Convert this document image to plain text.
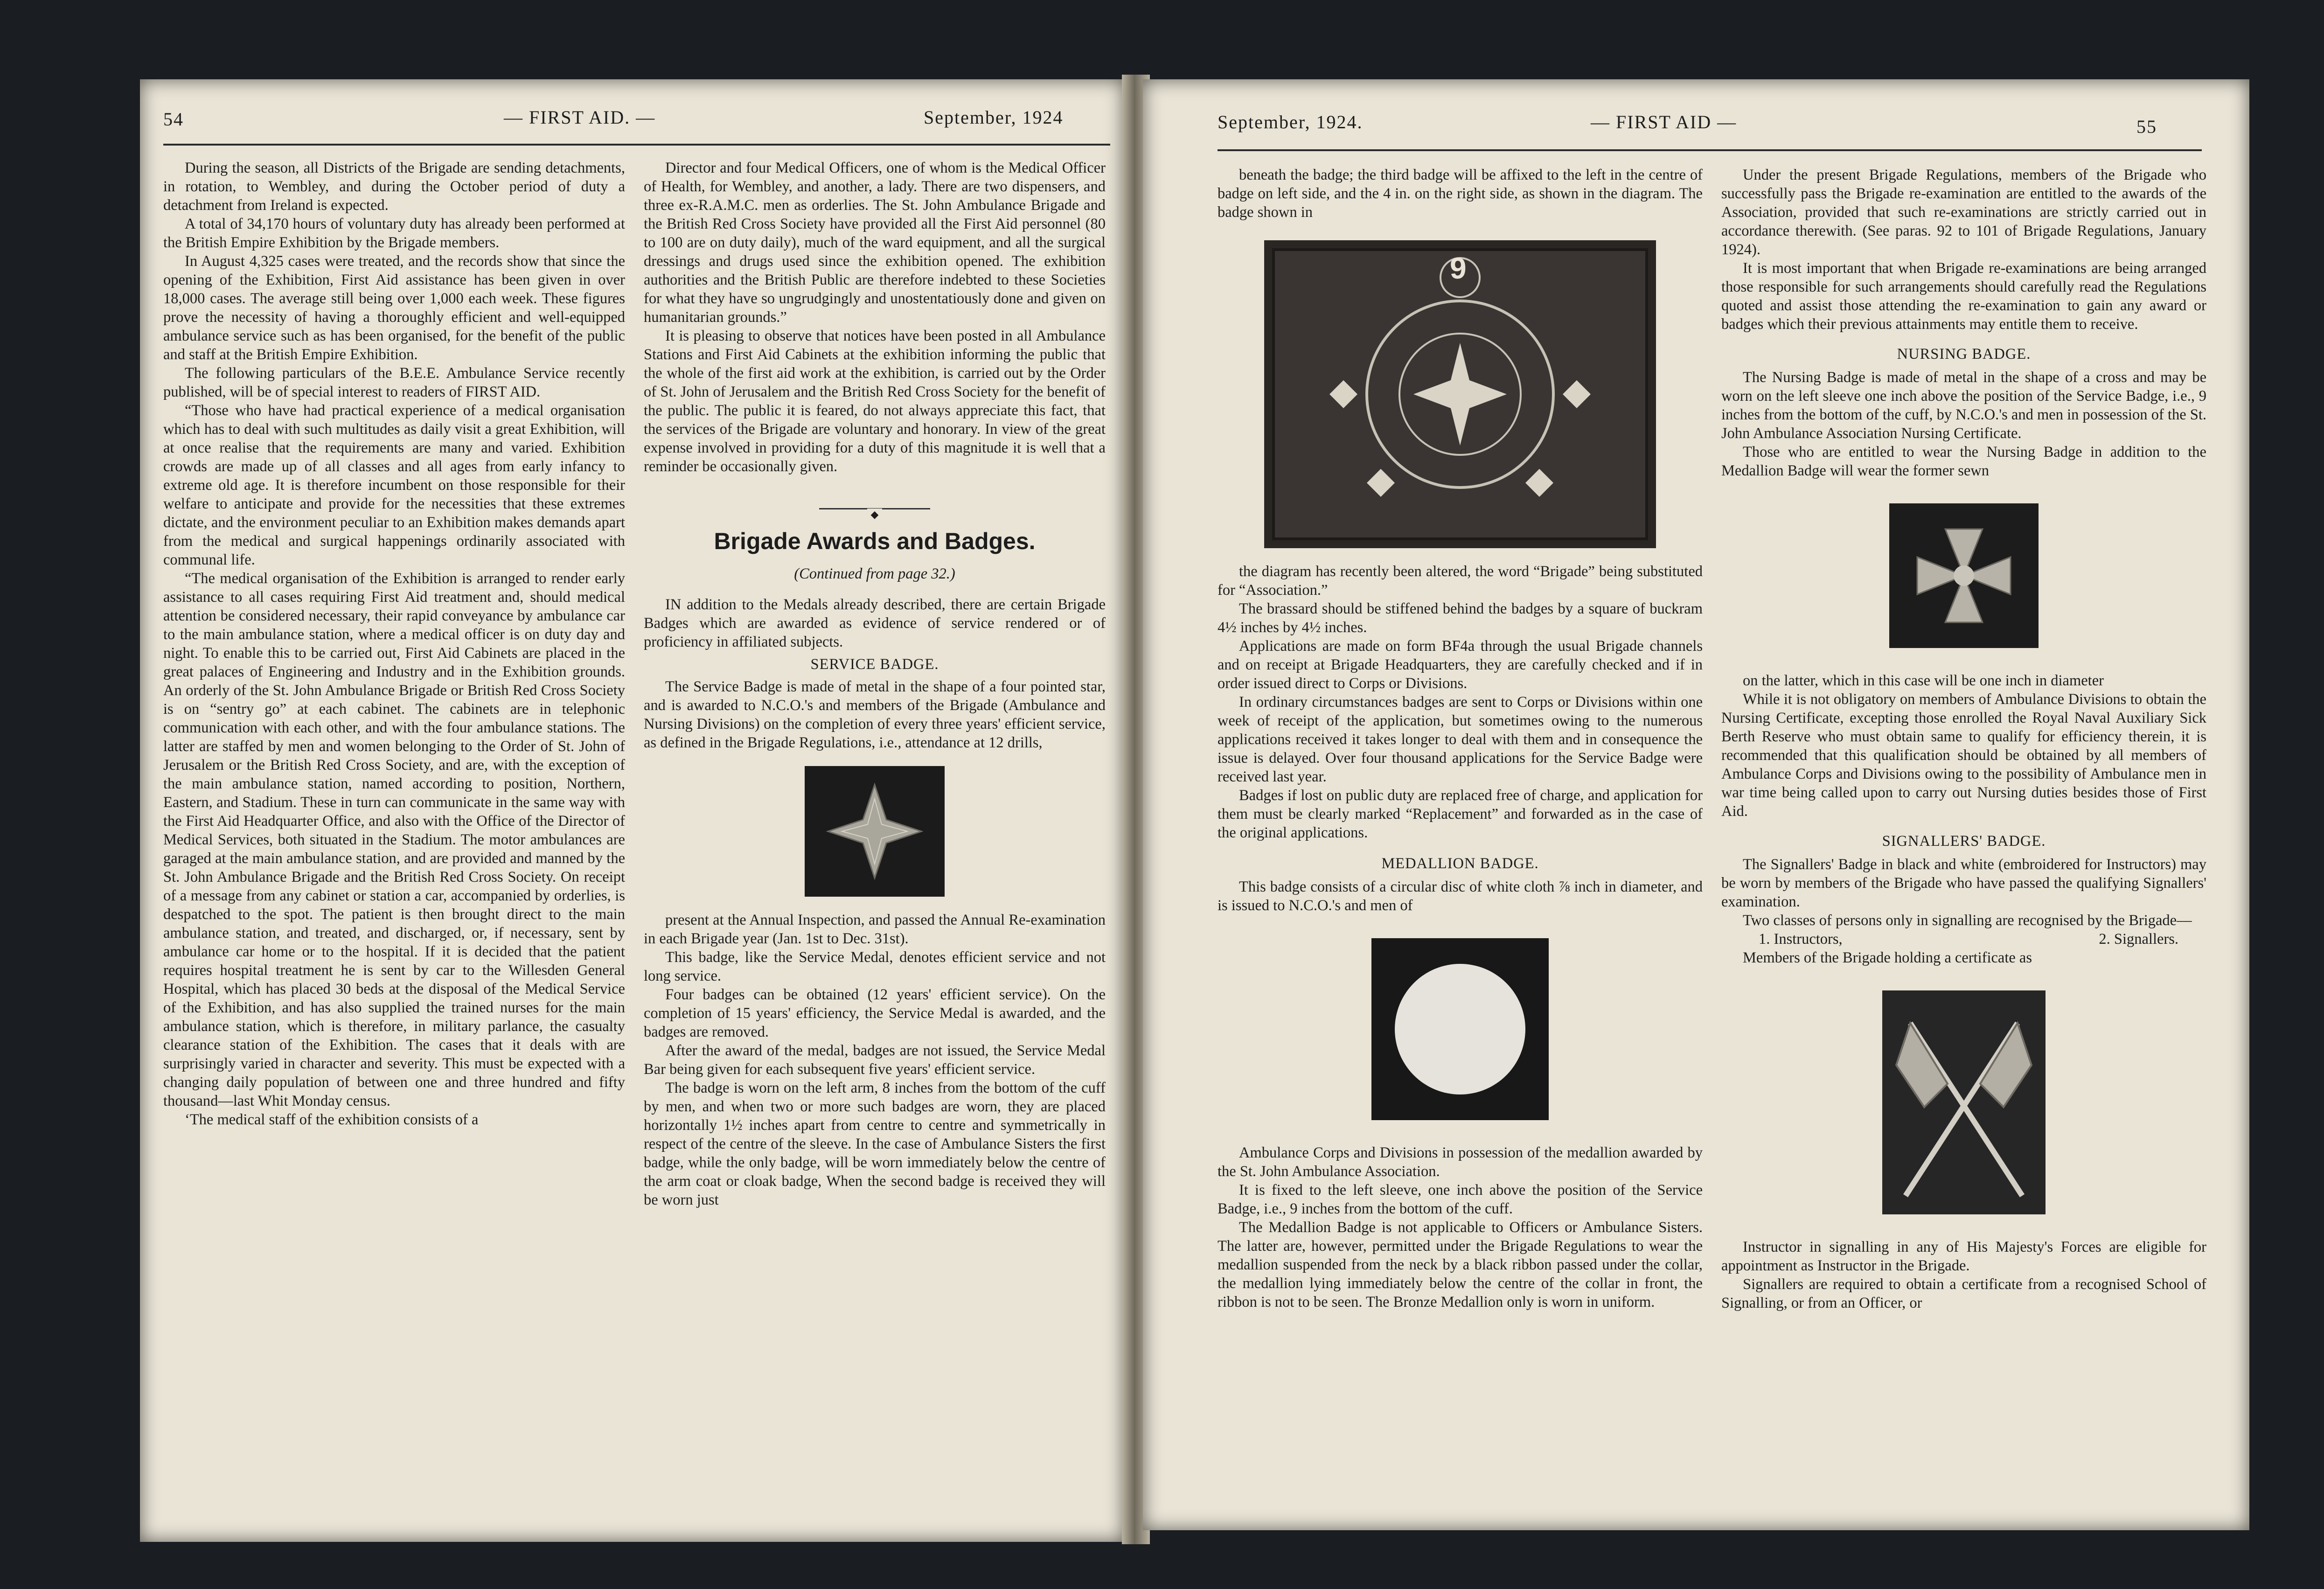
54	— FIRST AID. —	September, 1924

During the season, all Districts of the Brigade are sending detachments, in rotation, to Wembley, and during the October period of duty a detachment from Ireland is expected.

A total of 34,170 hours of voluntary duty has already been performed at the British Empire Exhibition by the Brigade members.

In August 4,325 cases were treated, and the records show that since the opening of the Exhibition, First Aid assistance has been given in over 18,000 cases. The average still being over 1,000 each week. These figures prove the necessity of having a thoroughly efficient and well-equipped ambulance service such as has been organised, for the benefit of the public and staff at the British Empire Exhibition.

The following particulars of the B.E.E. Ambulance Service recently published, will be of special interest to readers of FIRST AID.

“Those who have had practical experience of a medical organisation which has to deal with such multitudes as daily visit a great Exhibition, will at once realise that the requirements are many and varied. Exhibition crowds are made up of all classes and all ages from early infancy to extreme old age. It is therefore incumbent on those responsible for their welfare to anticipate and provide for the necessities that these extremes dictate, and the environment peculiar to an Exhibition makes demands apart from the medical and surgical happenings ordinarily associated with communal life.

“The medical organisation of the Exhibition is arranged to render early assistance to all cases requiring First Aid treatment and, should medical attention be considered necessary, their rapid conveyance by ambulance car to the main ambulance station, where a medical officer is on duty day and night. To enable this to be carried out, First Aid Cabinets are placed in the great palaces of Engineering and Industry and in the Exhibition grounds. An orderly of the St. John Ambulance Brigade or British Red Cross Society is on “sentry go” at each cabinet. The cabinets are in telephonic communication with each other, and with the four ambulance stations. The latter are staffed by men and women belonging to the Order of St. John of Jerusalem or the British Red Cross Society, and are, with the exception of the main ambulance station, named according to position, Northern, Eastern, and Stadium. These in turn can communicate in the same way with the First Aid Headquarter Office, and also with the Office of the Director of Medical Services, both situated in the Stadium. The motor ambulances are garaged at the main ambulance station, and are provided and manned by the St. John Ambulance Brigade and the British Red Cross Society. On receipt of a message from any cabinet or station a car, accompanied by orderlies, is despatched to the spot. The patient is then brought direct to the main ambulance station, and treated, and discharged, or, if necessary, sent by ambulance car home or to the hospital. If it is decided that the patient requires hospital treatment he is sent by car to the Willesden General Hospital, which has placed 30 beds at the disposal of the Medical Service of the Exhibition, and has also supplied the trained nurses for the main ambulance station, which is therefore, in military parlance, the casualty clearance station of the Exhibition. The cases that it deals with are surprisingly varied in character and severity. This must be expected with a changing daily population of between one and three hundred and fifty thousand—last Whit Monday census.

‘The medical staff of the exhibition consists of a

Director and four Medical Officers, one of whom is the Medical Officer of Health, for Wembley, and another, a lady. There are two dispensers, and three ex-R.A.M.C. men as orderlies. The St. John Ambulance Brigade and the British Red Cross Society have provided all the First Aid personnel (80 to 100 are on duty daily), much of the ward equipment, and all the surgical dressings and drugs used since the exhibition opened. The exhibition authorities and the British Public are therefore indebted to these Societies for what they have so ungrudgingly and unostentatiously done and given on humanitarian grounds.”

It is pleasing to observe that notices have been posted in all Ambulance Stations and First Aid Cabinets at the exhibition informing the public that the whole of the first aid work at the exhibition, is carried out by the Order of St. John of Jerusalem and the British Red Cross Society for the benefit of the public. The public it is feared, do not always appreciate this fact, that the services of the Brigade are voluntary and honorary. In view of the great expense involved in providing for a duty of this magnitude it is well that a reminder be occasionally given.

◆
Brigade Awards and Badges.

(Continued from page 32.)

IN addition to the Medals already described, there are certain Brigade Badges which are awarded as evidence of service rendered or of proficiency in affiliated subjects.

SERVICE BADGE.

The Service Badge is made of metal in the shape of a four pointed star, and is awarded to N.C.O.'s and members of the Brigade (Ambulance and Nursing Divisions) on the completion of every three years' efficient service, as defined in the Brigade Regulations, i.e., attendance at 12 drills,

present at the Annual Inspection, and passed the Annual Re-examination in each Brigade year (Jan. 1st to Dec. 31st).

This badge, like the Service Medal, denotes efficient service and not long service.

Four badges can be obtained (12 years' efficient service). On the completion of 15 years' efficiency, the Service Medal is awarded, and the badges are removed.

After the award of the medal, badges are not issued, the Service Medal Bar being given for each subsequent five years' efficient service.

The badge is worn on the left arm, 8 inches from the bottom of the cuff by men, and when two or more such badges are worn, they are placed horizontally 1½ inches apart from centre to centre and symmetrically in respect of the centre of the sleeve. In the case of Ambulance Sisters the first badge, while the only badge, will be worn immediately below the centre of the arm coat or cloak badge, When the second badge is received they will be worn just

September, 1924.	— FIRST AID —	55

beneath the badge; the third badge will be affixed to the left in the centre of badge on left side, and the 4 in. on the right side, as shown in the diagram. The badge shown in

9

the diagram has recently been altered, the word “Brigade” being substituted for “Association.”

The brassard should be stiffened behind the badges by a square of buckram 4½ inches by 4½ inches.

Applications are made on form BF4a through the usual Brigade channels and on receipt at Brigade Headquarters, they are carefully checked and if in order issued direct to Corps or Divisions.

In ordinary circumstances badges are sent to Corps or Divisions within one week of receipt of the application, but sometimes owing to the numerous applications received it takes longer to deal with them and in consequence the issue is delayed. Over four thousand applications for the Service Badge were received last year.

Badges if lost on public duty are replaced free of charge, and application for them must be clearly marked “Replacement” and forwarded as in the case of the original applications.

MEDALLION BADGE.

This badge consists of a circular disc of white cloth ⅞ inch in diameter, and is issued to N.C.O.'s and men of

Ambulance Corps and Divisions in possession of the medallion awarded by the St. John Ambulance Association.

It is fixed to the left sleeve, one inch above the position of the Service Badge, i.e., 9 inches from the bottom of the cuff.

The Medallion Badge is not applicable to Officers or Ambulance Sisters. The latter are, however, permitted under the Brigade Regulations to wear the medallion suspended from the neck by a black ribbon passed under the collar, the medallion lying immediately below the centre of the collar in front, the ribbon is not to be seen. The Bronze Medallion only is worn in uniform.

Under the present Brigade Regulations, members of the Brigade who successfully pass the Brigade re-examination are entitled to the awards of the Association, provided that such re-examinations are strictly carried out in accordance therewith. (See paras. 92 to 101 of Brigade Regulations, January 1924).

It is most important that when Brigade re-examinations are being arranged those responsible for such arrangements should carefully read the Regulations quoted and assist those attending the re-examination to gain any award or badges which their previous attainments may entitle them to receive.

NURSING BADGE.

The Nursing Badge is made of metal in the shape of a cross and may be worn on the left sleeve one inch above the position of the Service Badge, i.e., 9 inches from the bottom of the cuff, by N.C.O.'s and men in possession of the St. John Ambulance Association Nursing Certificate.

Those who are entitled to wear the Nursing Badge in addition to the Medallion Badge will wear the former sewn

on the latter, which in this case will be one inch in diameter

While it is not obligatory on members of Ambulance Divisions to obtain the Nursing Certificate, excepting those enrolled the Royal Naval Auxiliary Sick Berth Reserve who must obtain same to qualify for efficiency therein, it is recommended that this qualification should be obtained by all members of Ambulance Corps and Divisions owing to the possibility of Ambulance men in war time being called upon to carry out Nursing duties besides those of First Aid.

SIGNALLERS' BADGE.

The Signallers' Badge in black and white (embroidered for Instructors) may be worn by members of the Brigade who have passed the qualifying Signallers' examination.

Two classes of persons only in signalling are recognised by the Brigade—

1. Instructors,	2. Signallers.

Members of the Brigade holding a certificate as

Instructor in signalling in any of His Majesty's Forces are eligible for appointment as Instructor in the Brigade.

Signallers are required to obtain a certificate from a recognised School of Signalling, or from an Officer, or
